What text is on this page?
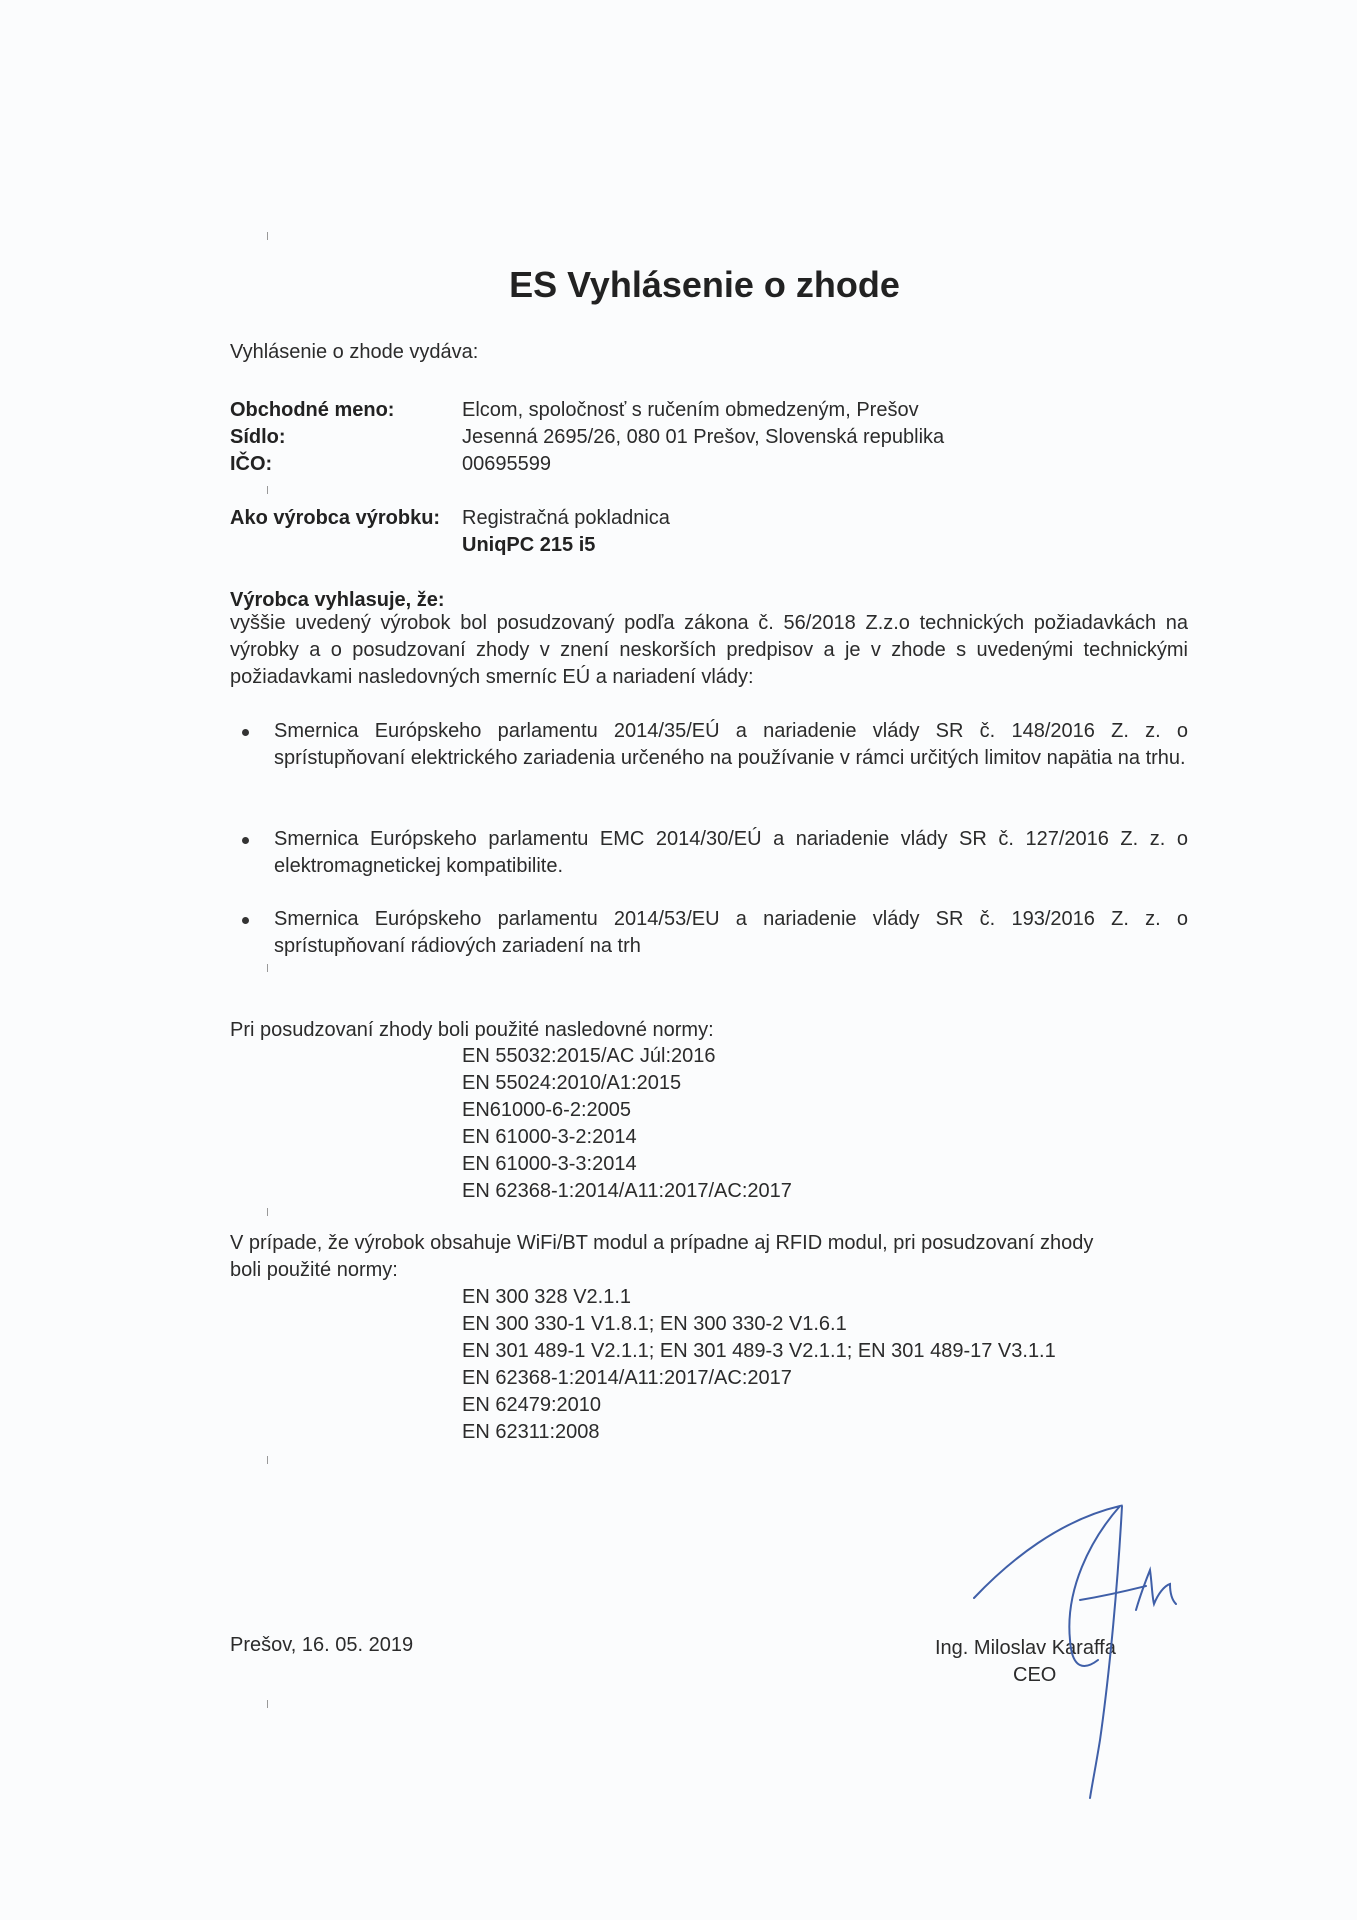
ES Vyhlásenie o zhode
Vyhlásenie o zhode vydáva:
Obchodné meno:	Elcom, spoločnosť s ručením obmedzeným, Prešov
Sídlo:	Jesenná 2695/26, 080 01 Prešov, Slovenská republika
IČO:	00695599
Ako výrobca výrobku: Registračná pokladnica
UniqPC 215 i5
Výrobca vyhlasuje, že:
vyššie uvedený výrobok bol posudzovaný podľa zákona č. 56/2018 Z.z.o technických požiadavkách na výrobky a o posudzovaní zhody v znení neskorších predpisov a je v zhode s uvedenými technickými požiadavkami nasledovných smerníc EÚ a nariadení vlády:
Smernica Európskeho parlamentu 2014/35/EÚ a nariadenie vlády SR č. 148/2016 Z. z. o sprístupňovaní elektrického zariadenia určeného na používanie v rámci určitých limitov napätia na trhu.
Smernica Európskeho parlamentu EMC 2014/30/EÚ a nariadenie vlády SR č. 127/2016 Z. z. o elektromagnetickej kompatibilite.
Smernica Európskeho parlamentu 2014/53/EU a nariadenie vlády SR č. 193/2016 Z. z. o sprístupňovaní rádiových zariadení na trh
Pri posudzovaní zhody boli použité nasledovné normy:
EN 55032:2015/AC Júl:2016
EN 55024:2010/A1:2015
EN61000-6-2:2005
EN 61000-3-2:2014
EN 61000-3-3:2014
EN 62368-1:2014/A11:2017/AC:2017
V prípade, že výrobok obsahuje WiFi/BT modul a prípadne aj RFID modul, pri posudzovaní zhody
boli použité normy:
EN 300 328 V2.1.1
EN 300 330-1 V1.8.1; EN 300 330-2 V1.6.1
EN 301 489-1 V2.1.1; EN 301 489-3 V2.1.1; EN 301 489-17 V3.1.1
EN 62368-1:2014/A11:2017/AC:2017
EN 62479:2010
EN 62311:2008
Prešov, 16. 05. 2019	Ing. Miloslav Karaffa
CEO
